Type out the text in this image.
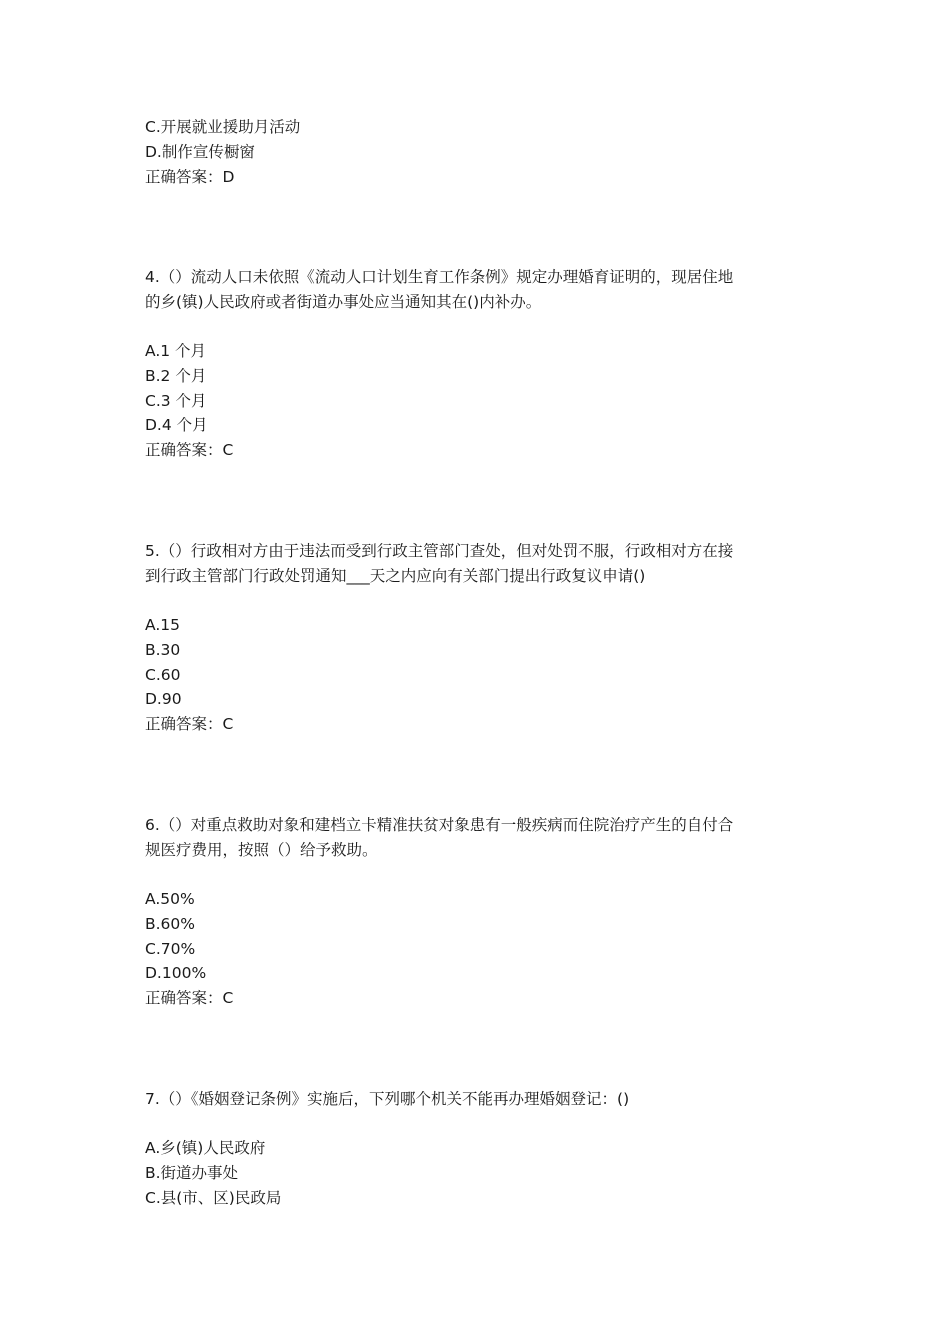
C.开展就业援助月活动
D.制作宣传橱窗
正确答案：D
4.（）流动人口未依照《流动人口计划生育工作条例》规定办理婚育证明的，现居住地
的乡(镇)人民政府或者街道办事处应当通知其在()内补办。
A.1 个月
B.2 个月
C.3 个月
D.4 个月
正确答案：C
5.（）行政相对方由于违法而受到行政主管部门查处，但对处罚不服，行政相对方在接
到行政主管部门行政处罚通知___天之内应向有关部门提出行政复议申请()
A.15
B.30
C.60
D.90
正确答案：C
6.（）对重点救助对象和建档立卡精准扶贫对象患有一般疾病而住院治疗产生的自付合
规医疗费用，按照（）给予救助。
A.50%
B.60%
C.70%
D.100%
正确答案：C
7.（）《婚姻登记条例》实施后，下列哪个机关不能再办理婚姻登记：()
A.乡(镇)人民政府
B.街道办事处
C.县(市、区)民政局
